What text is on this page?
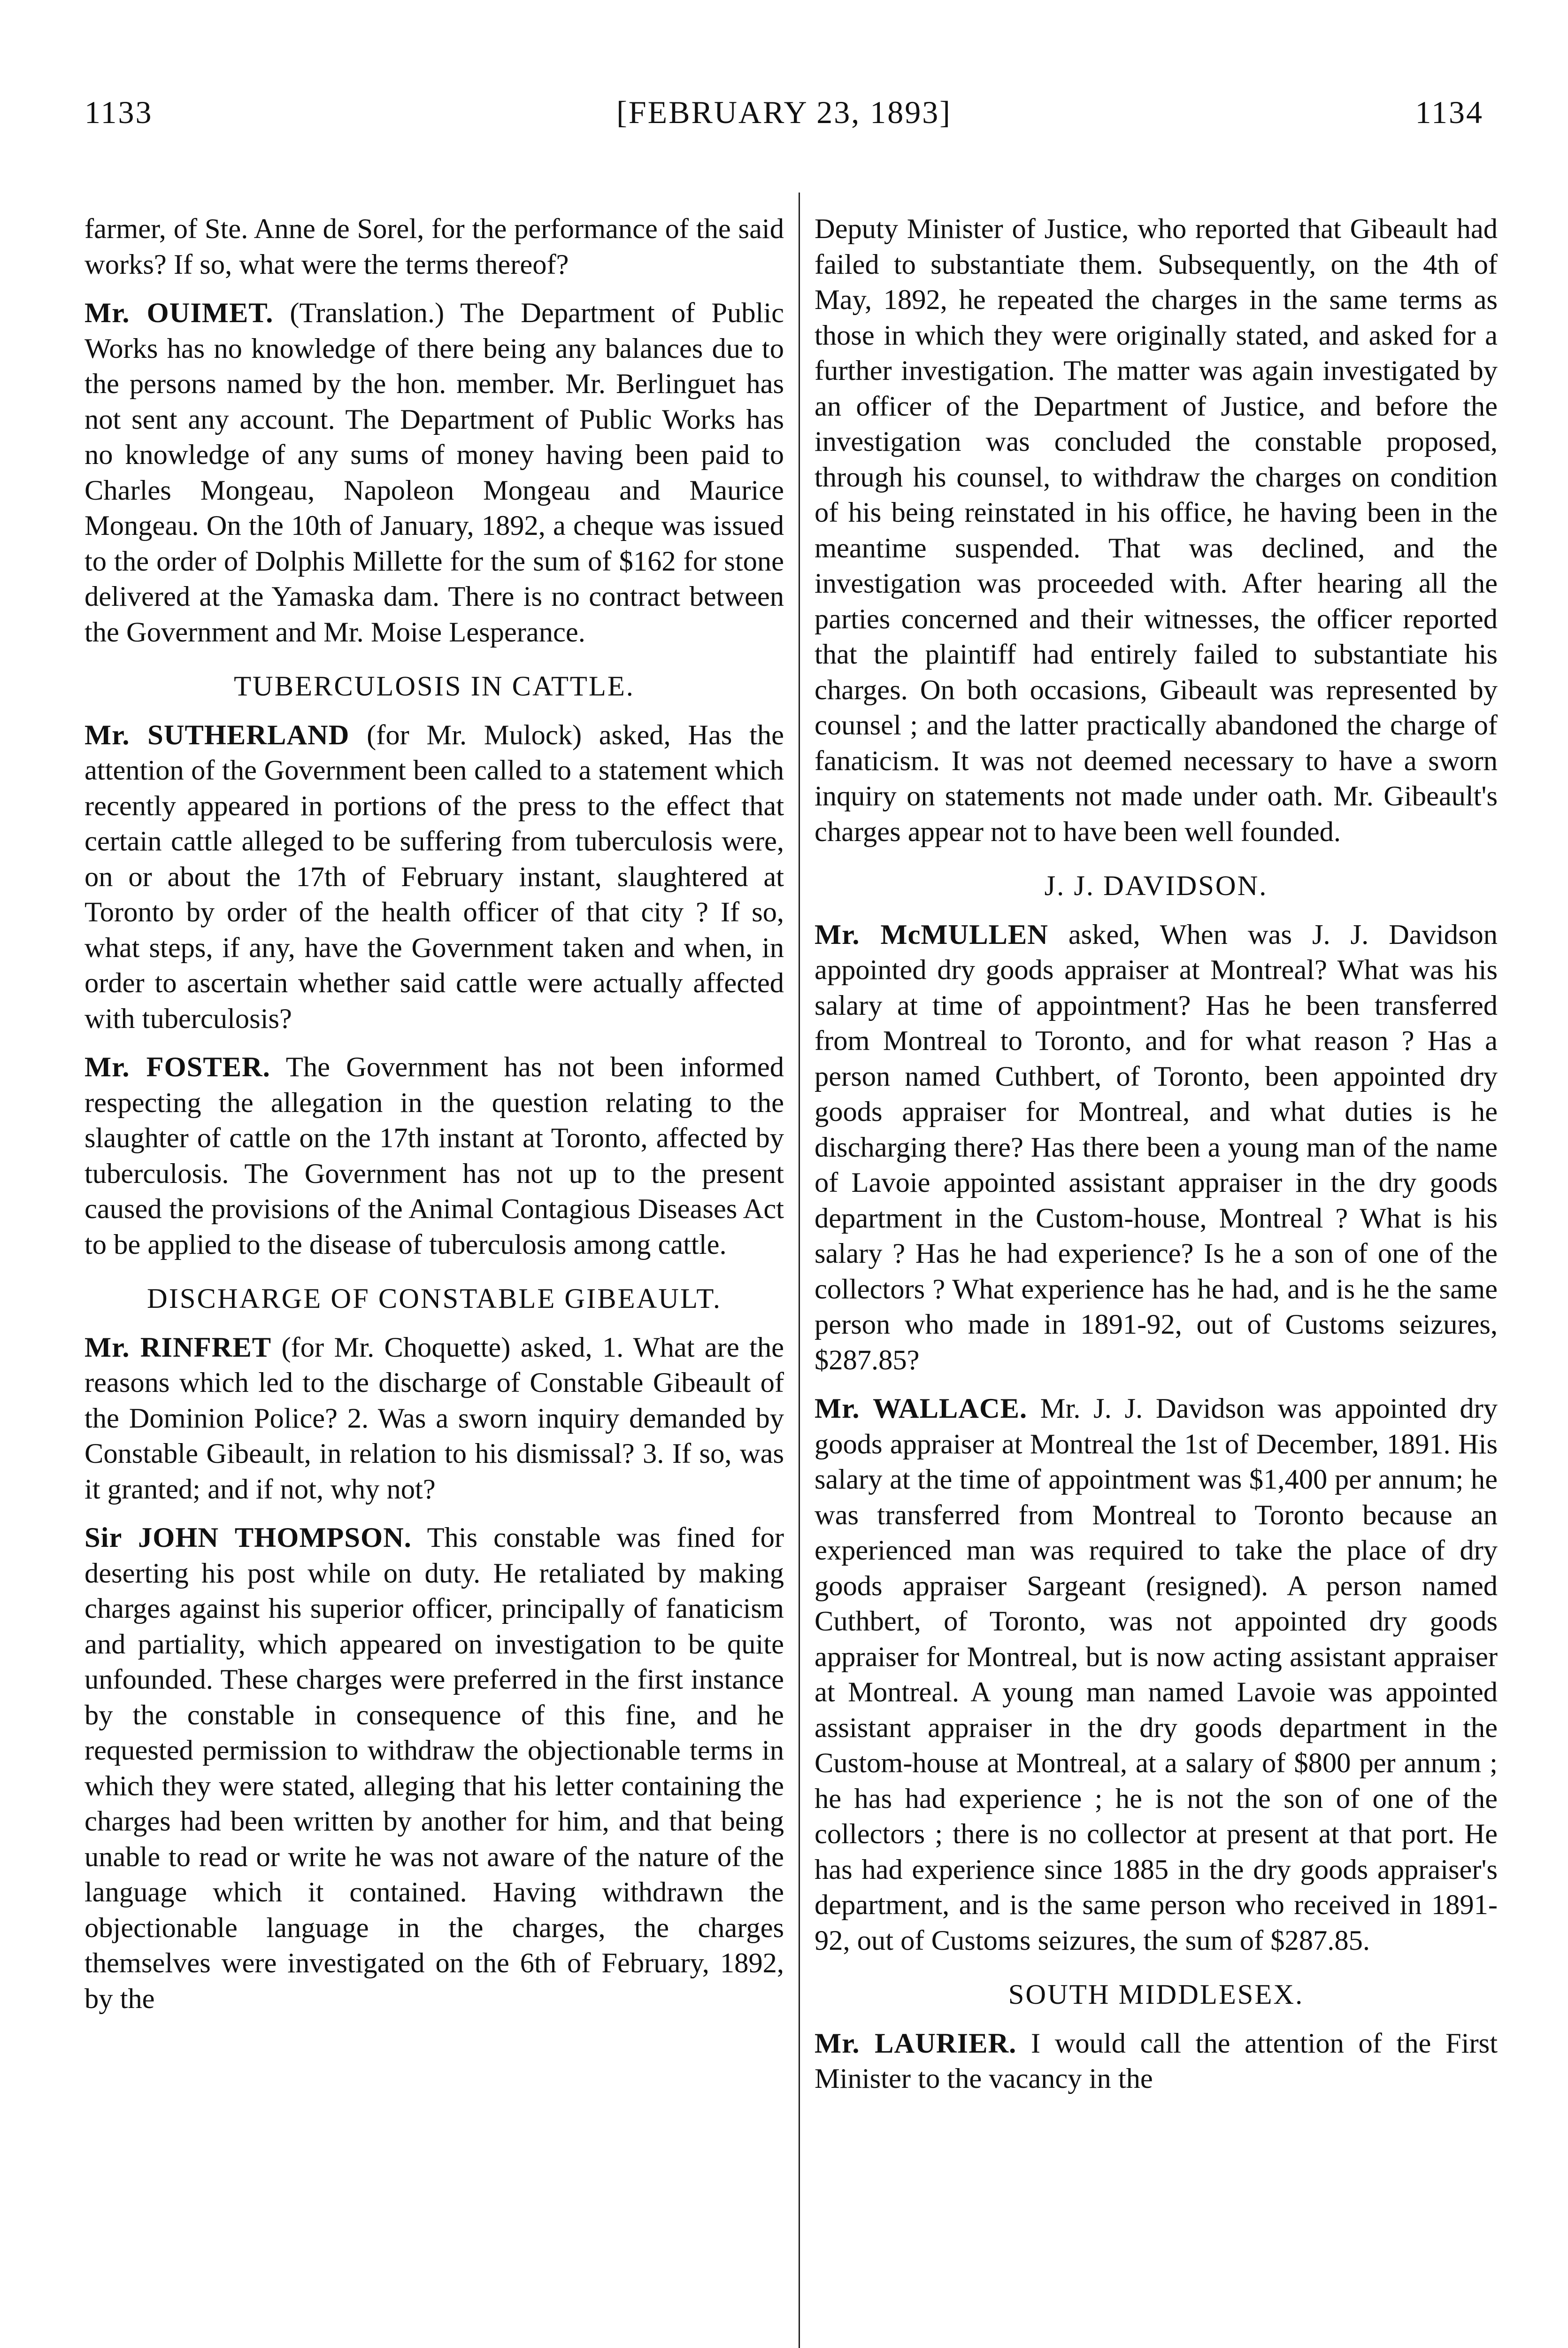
1133	[FEBRUARY 23, 1893]	1134

farmer, of Ste. Anne de Sorel, for the performance of the said works? If so, what were the terms thereof?

Mr. OUIMET. (Translation.) The Department of Public Works has no knowledge of there being any balances due to the persons named by the hon. member. Mr. Berlinguet has not sent any account. The Department of Public Works has no knowledge of any sums of money having been paid to Charles Mongeau, Napoleon Mongeau and Maurice Mongeau. On the 10th of January, 1892, a cheque was issued to the order of Dolphis Millette for the sum of $162 for stone delivered at the Yamaska dam. There is no contract between the Government and Mr. Moise Lesperance.

TUBERCULOSIS IN CATTLE.

Mr. SUTHERLAND (for Mr. Mulock) asked, Has the attention of the Government been called to a statement which recently appeared in portions of the press to the effect that certain cattle alleged to be suffering from tuberculosis were, on or about the 17th of February instant, slaughtered at Toronto by order of the health officer of that city ? If so, what steps, if any, have the Government taken and when, in order to ascertain whether said cattle were actually affected with tuberculosis?

Mr. FOSTER. The Government has not been informed respecting the allegation in the question relating to the slaughter of cattle on the 17th instant at Toronto, affected by tuberculosis. The Government has not up to the present caused the provisions of the Animal Contagious Diseases Act to be applied to the disease of tuberculosis among cattle.

DISCHARGE OF CONSTABLE GIBEAULT.

Mr. RINFRET (for Mr. Choquette) asked, 1. What are the reasons which led to the discharge of Constable Gibeault of the Dominion Police? 2. Was a sworn inquiry demanded by Constable Gibeault, in relation to his dismissal? 3. If so, was it granted; and if not, why not?

Sir JOHN THOMPSON. This constable was fined for deserting his post while on duty. He retaliated by making charges against his superior officer, principally of fanaticism and partiality, which appeared on investigation to be quite unfounded. These charges were preferred in the first instance by the constable in consequence of this fine, and he requested permission to withdraw the objectionable terms in which they were stated, alleging that his letter containing the charges had been written by another for him, and that being unable to read or write he was not aware of the nature of the language which it contained. Having withdrawn the objectionable language in the charges, the charges themselves were investigated on the 6th of February, 1892, by the

Deputy Minister of Justice, who reported that Gibeault had failed to substantiate them. Subsequently, on the 4th of May, 1892, he repeated the charges in the same terms as those in which they were originally stated, and asked for a further investigation. The matter was again investigated by an officer of the Department of Justice, and before the investigation was concluded the constable proposed, through his counsel, to withdraw the charges on condition of his being reinstated in his office, he having been in the meantime suspended. That was declined, and the investigation was proceeded with. After hearing all the parties concerned and their witnesses, the officer reported that the plaintiff had entirely failed to substantiate his charges. On both occasions, Gibeault was represented by counsel ; and the latter practically abandoned the charge of fanaticism. It was not deemed necessary to have a sworn inquiry on statements not made under oath. Mr. Gibeault's charges appear not to have been well founded.

J. J. DAVIDSON.

Mr. McMULLEN asked, When was J. J. Davidson appointed dry goods appraiser at Montreal? What was his salary at time of appointment? Has he been transferred from Montreal to Toronto, and for what reason ? Has a person named Cuthbert, of Toronto, been appointed dry goods appraiser for Montreal, and what duties is he discharging there? Has there been a young man of the name of Lavoie appointed assistant appraiser in the dry goods department in the Custom-house, Montreal ? What is his salary ? Has he had experience? Is he a son of one of the collectors ? What experience has he had, and is he the same person who made in 1891-92, out of Customs seizures, $287.85?

Mr. WALLACE. Mr. J. J. Davidson was appointed dry goods appraiser at Montreal the 1st of December, 1891. His salary at the time of appointment was $1,400 per annum; he was transferred from Montreal to Toronto because an experienced man was required to take the place of dry goods appraiser Sargeant (resigned). A person named Cuthbert, of Toronto, was not appointed dry goods appraiser for Montreal, but is now acting assistant appraiser at Montreal. A young man named Lavoie was appointed assistant appraiser in the dry goods department in the Custom-house at Montreal, at a salary of $800 per annum ; he has had experience ; he is not the son of one of the collectors ; there is no collector at present at that port. He has had experience since 1885 in the dry goods appraiser's department, and is the same person who received in 1891-92, out of Customs seizures, the sum of $287.85.

SOUTH MIDDLESEX.

Mr. LAURIER. I would call the attention of the First Minister to the vacancy in the
